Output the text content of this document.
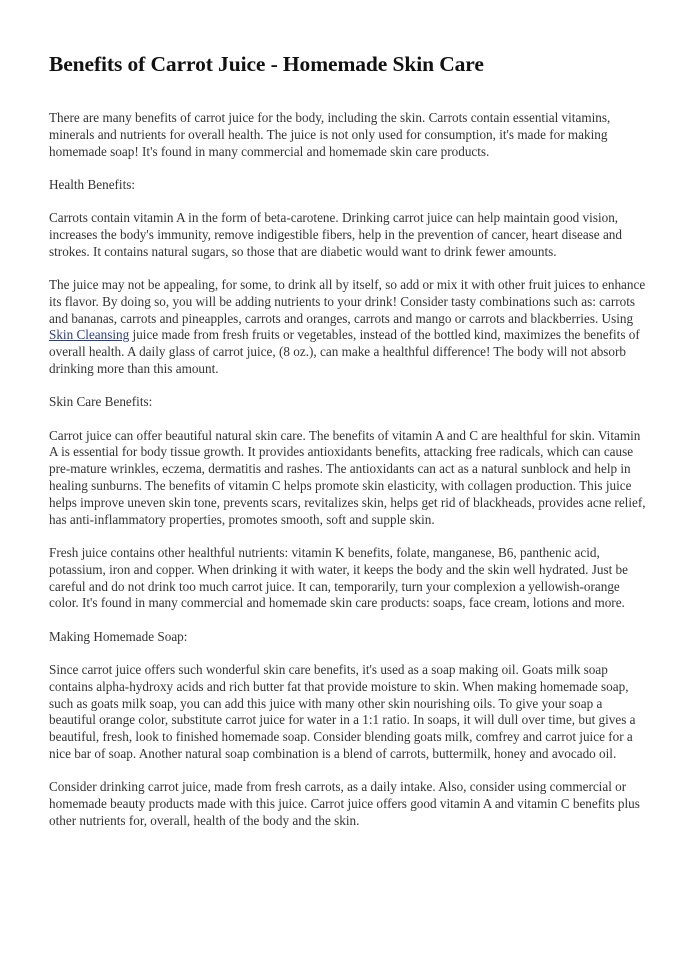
Benefits of Carrot Juice - Homemade Skin Care

There are many benefits of carrot juice for the body, including the skin. Carrots contain essential vitamins, minerals and nutrients for overall health. The juice is not only used for consumption, it's made for making homemade soap! It's found in many commercial and homemade skin care products.

Health Benefits:

Carrots contain vitamin A in the form of beta-carotene. Drinking carrot juice can help maintain good vision, increases the body's immunity, remove indigestible fibers, help in the prevention of cancer, heart disease and strokes. It contains natural sugars, so those that are diabetic would want to drink fewer amounts.

The juice may not be appealing, for some, to drink all by itself, so add or mix it with other fruit juices to enhance its flavor. By doing so, you will be adding nutrients to your drink! Consider tasty combinations such as: carrots and bananas, carrots and pineapples, carrots and oranges, carrots and mango or carrots and blackberries. Using Skin Cleansing juice made from fresh fruits or vegetables, instead of the bottled kind, maximizes the benefits of overall health. A daily glass of carrot juice, (8 oz.), can make a healthful difference! The body will not absorb drinking more than this amount.

Skin Care Benefits:

Carrot juice can offer beautiful natural skin care. The benefits of vitamin A and C are healthful for skin. Vitamin A is essential for body tissue growth. It provides antioxidants benefits, attacking free radicals, which can cause pre-mature wrinkles, eczema, dermatitis and rashes. The antioxidants can act as a natural sunblock and help in healing sunburns. The benefits of vitamin C helps promote skin elasticity, with collagen production. This juice helps improve uneven skin tone, prevents scars, revitalizes skin, helps get rid of blackheads, provides acne relief, has anti-inflammatory properties, promotes smooth, soft and supple skin.

Fresh juice contains other healthful nutrients: vitamin K benefits, folate, manganese, B6, panthenic acid, potassium, iron and copper. When drinking it with water, it keeps the body and the skin well hydrated. Just be careful and do not drink too much carrot juice. It can, temporarily, turn your complexion a yellowish-orange color. It's found in many commercial and homemade skin care products: soaps, face cream, lotions and more.

Making Homemade Soap:

Since carrot juice offers such wonderful skin care benefits, it's used as a soap making oil. Goats milk soap contains alpha-hydroxy acids and rich butter fat that provide moisture to skin. When making homemade soap, such as goats milk soap, you can add this juice with many other skin nourishing oils. To give your soap a beautiful orange color, substitute carrot juice for water in a 1:1 ratio. In soaps, it will dull over time, but gives a beautiful, fresh, look to finished homemade soap. Consider blending goats milk, comfrey and carrot juice for a nice bar of soap. Another natural soap combination is a blend of carrots, buttermilk, honey and avocado oil.

Consider drinking carrot juice, made from fresh carrots, as a daily intake. Also, consider using commercial or homemade beauty products made with this juice. Carrot juice offers good vitamin A and vitamin C benefits plus other nutrients for, overall, health of the body and the skin.
